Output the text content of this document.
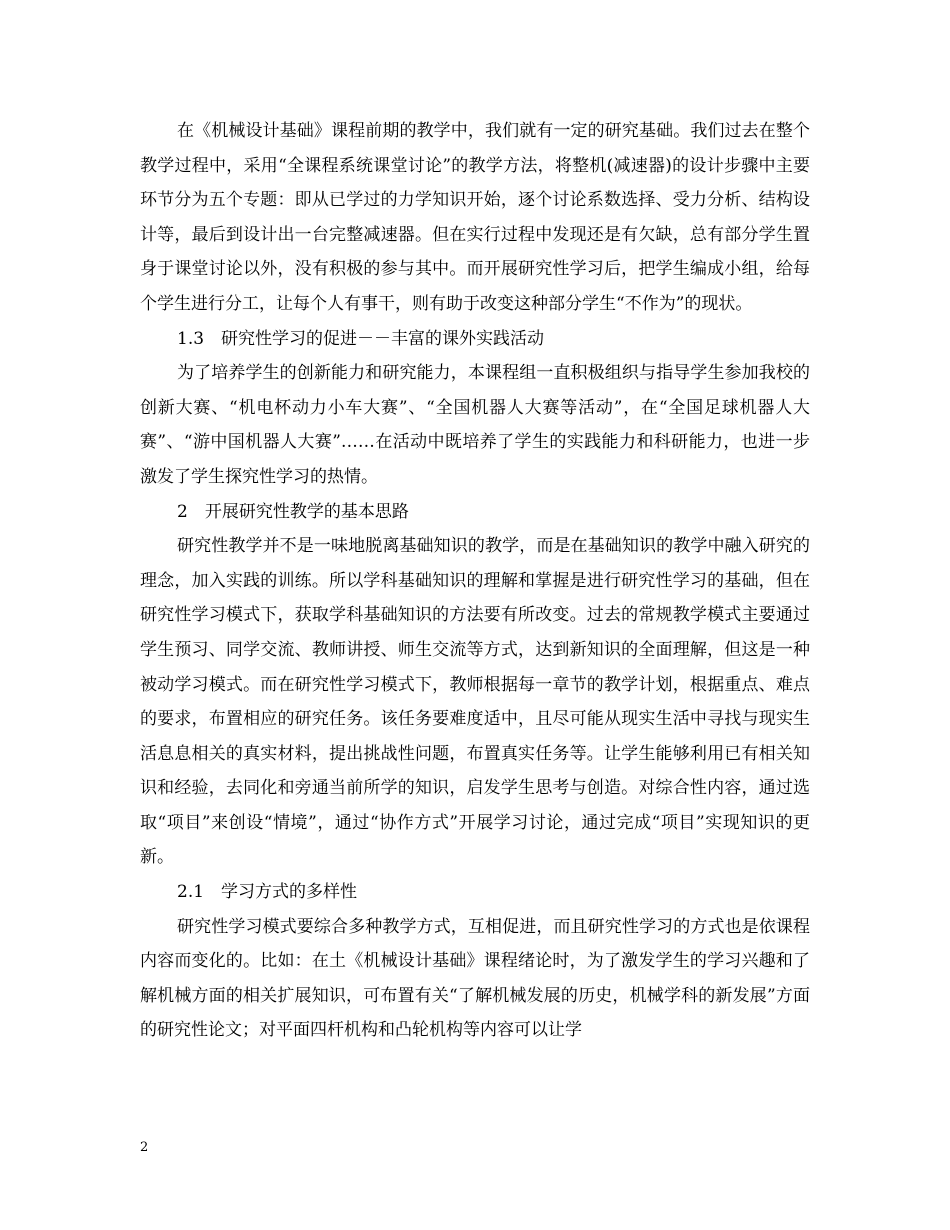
在《机械设计基础》课程前期的教学中，我们就有一定的研究基础。我们过去在整个教学过程中，采用“全课程系统课堂讨论”的教学方法，将整机(减速器)的设计步骤中主要环节分为五个专题：即从已学过的力学知识开始，逐个讨论系数选择、受力分析、结构设计等，最后到设计出一台完整减速器。但在实行过程中发现还是有欠缺，总有部分学生置身于课堂讨论以外，没有积极的参与其中。而开展研究性学习后，把学生编成小组，给每个学生进行分工，让每个人有事干，则有助于改变这种部分学生“不作为”的现状。

1.3　研究性学习的促进－－丰富的课外实践活动

为了培养学生的创新能力和研究能力，本课程组一直积极组织与指导学生参加我校的创新大赛、“机电杯动力小车大赛”、“全国机器人大赛等活动”，在“全国足球机器人大赛”、“游中国机器人大赛”……在活动中既培养了学生的实践能力和科研能力，也进一步激发了学生探究性学习的热情。

2　开展研究性教学的基本思路

研究性教学并不是一味地脱离基础知识的教学，而是在基础知识的教学中融入研究的理念，加入实践的训练。所以学科基础知识的理解和掌握是进行研究性学习的基础，但在研究性学习模式下，获取学科基础知识的方法要有所改变。过去的常规教学模式主要通过学生预习、同学交流、教师讲授、师生交流等方式，达到新知识的全面理解，但这是一种被动学习模式。而在研究性学习模式下，教师根据每一章节的教学计划，根据重点、难点的要求，布置相应的研究任务。该任务要难度适中，且尽可能从现实生活中寻找与现实生活息息相关的真实材料，提出挑战性问题，布置真实任务等。让学生能够利用已有相关知识和经验，去同化和旁通当前所学的知识，启发学生思考与创造。对综合性内容，通过选取“项目”来创设“情境”，通过“协作方式”开展学习讨论，通过完成“项目”实现知识的更新。

2.1　学习方式的多样性

研究性学习模式要综合多种教学方式，互相促进，而且研究性学习的方式也是依课程内容而变化的。比如：在土《机械设计基础》课程绪论时，为了激发学生的学习兴趣和了解机械方面的相关扩展知识，可布置有关“了解机械发展的历史，机械学科的新发展”方面的研究性论文；对平面四杆机构和凸轮机构等内容可以让学

2
